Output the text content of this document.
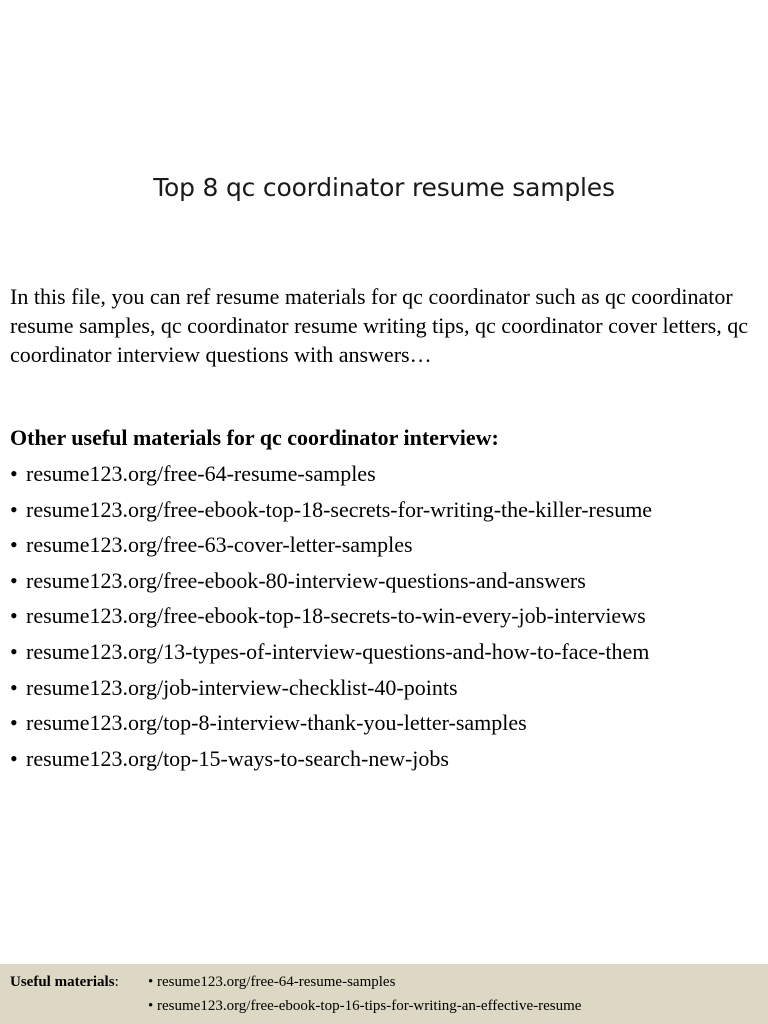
Top 8 qc coordinator resume samples
In this file, you can ref resume materials for qc coordinator such as qc coordinator resume samples, qc coordinator resume writing tips, qc coordinator cover letters, qc coordinator interview questions with answers…
Other useful materials for qc coordinator interview:
• resume123.org/free-64-resume-samples
• resume123.org/free-ebook-top-18-secrets-for-writing-the-killer-resume
• resume123.org/free-63-cover-letter-samples
• resume123.org/free-ebook-80-interview-questions-and-answers
• resume123.org/free-ebook-top-18-secrets-to-win-every-job-interviews
• resume123.org/13-types-of-interview-questions-and-how-to-face-them
• resume123.org/job-interview-checklist-40-points
• resume123.org/top-8-interview-thank-you-letter-samples
• resume123.org/top-15-ways-to-search-new-jobs
Useful materials: • resume123.org/free-64-resume-samples
• resume123.org/free-ebook-top-16-tips-for-writing-an-effective-resume
